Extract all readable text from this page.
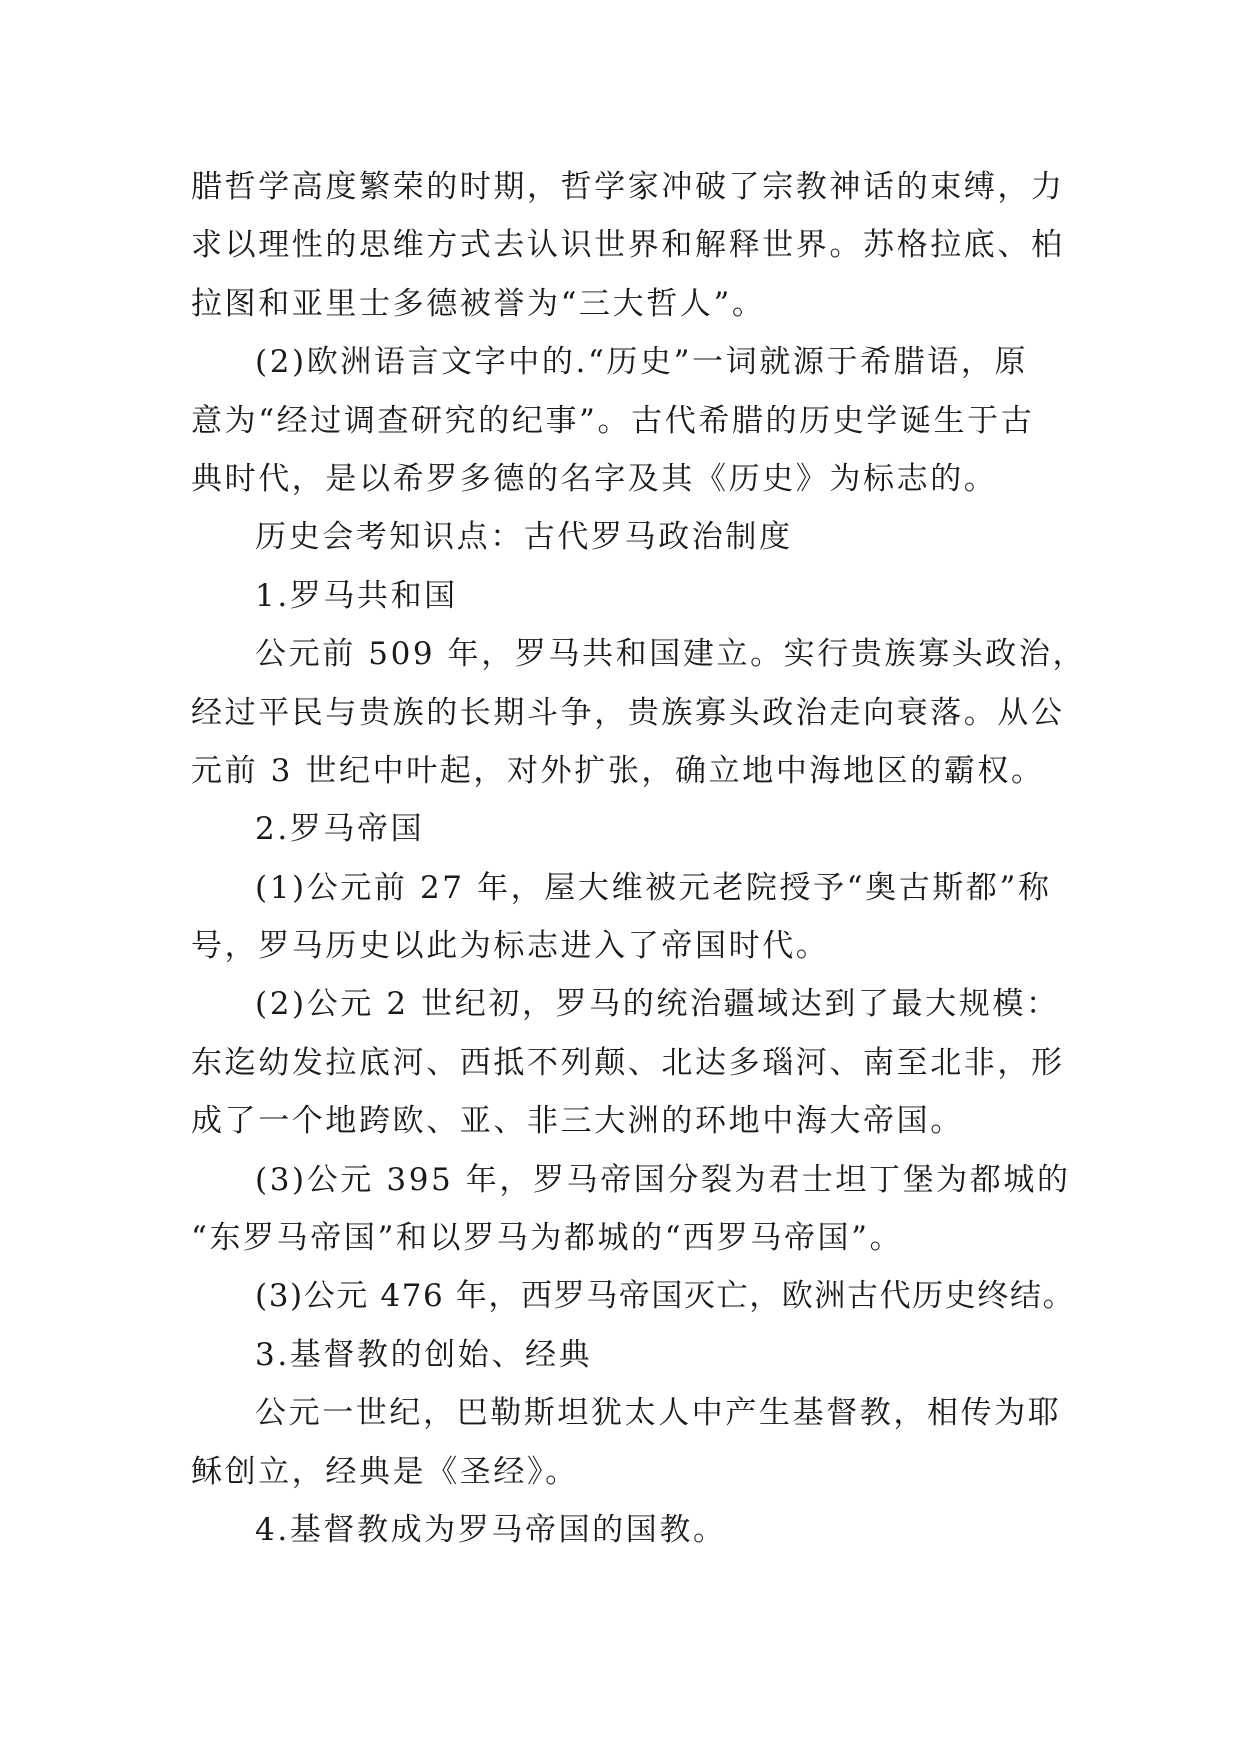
腊哲学高度繁荣的时期，哲学家冲破了宗教神话的束缚，力
求以理性的思维方式去认识世界和解释世界。苏格拉底、柏
拉图和亚里士多德被誉为“三大哲人”。
(2)欧洲语言文字中的.“历史”一词就源于希腊语，原
意为“经过调查研究的纪事”。古代希腊的历史学诞生于古
典时代，是以希罗多德的名字及其《历史》为标志的。
历史会考知识点：古代罗马政治制度
1.罗马共和国
公元前 509 年，罗马共和国建立。实行贵族寡头政治，
经过平民与贵族的长期斗争，贵族寡头政治走向衰落。从公
元前 3 世纪中叶起，对外扩张，确立地中海地区的霸权。
2.罗马帝国
(1)公元前 27 年，屋大维被元老院授予“奥古斯都”称
号，罗马历史以此为标志进入了帝国时代。
(2)公元 2 世纪初，罗马的统治疆域达到了最大规模：
东迄幼发拉底河、西抵不列颠、北达多瑙河、南至北非，形
成了一个地跨欧、亚、非三大洲的环地中海大帝国。
(3)公元 395 年，罗马帝国分裂为君士坦丁堡为都城的
“东罗马帝国”和以罗马为都城的“西罗马帝国”。
(3)公元 476 年，西罗马帝国灭亡，欧洲古代历史终结。
3.基督教的创始、经典
公元一世纪，巴勒斯坦犹太人中产生基督教，相传为耶
稣创立，经典是《圣经》。
4.基督教成为罗马帝国的国教。
